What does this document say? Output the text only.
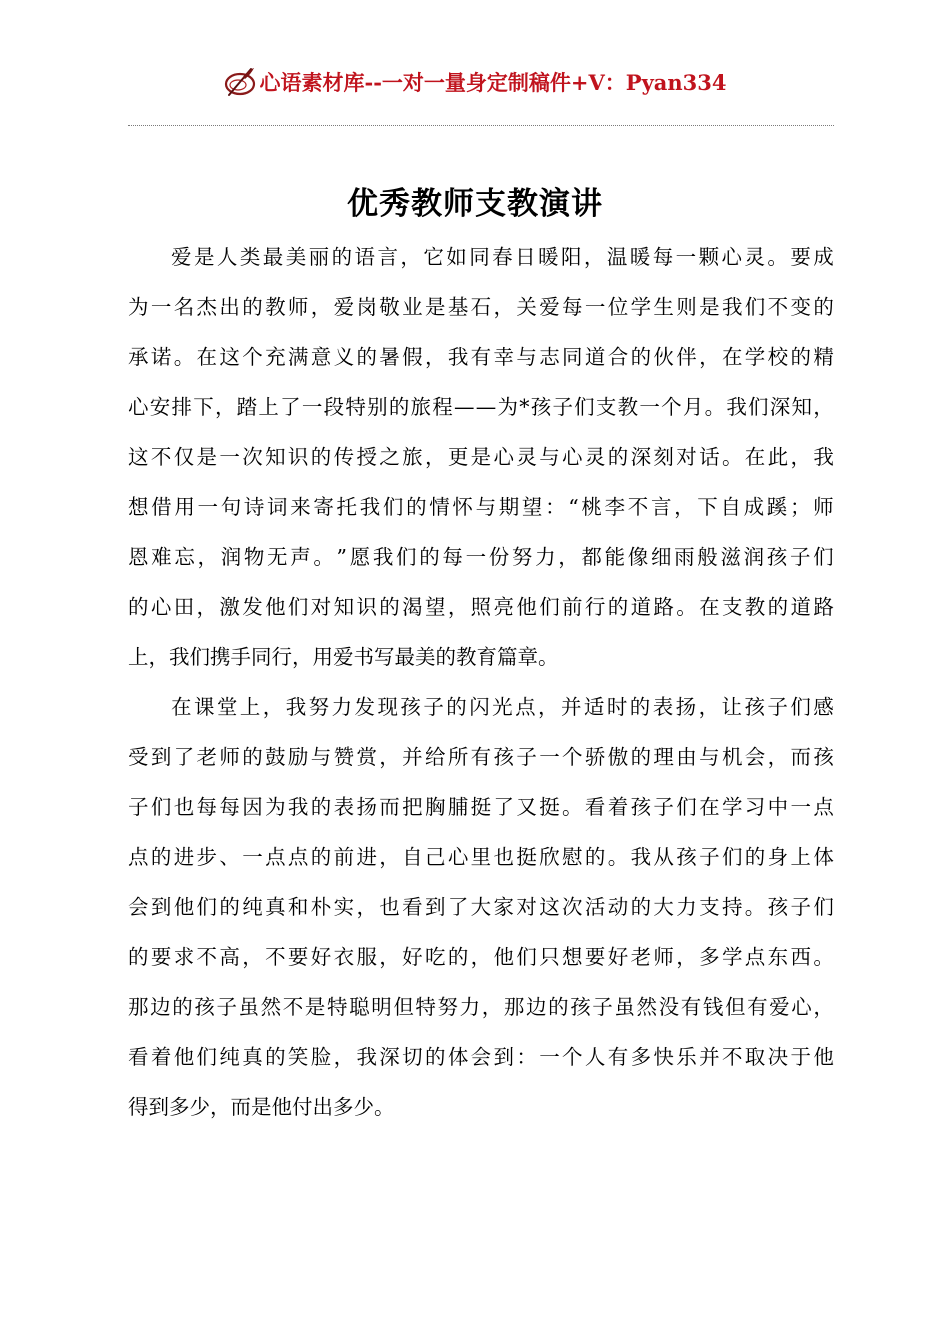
心语素材库 --一对一量身定制稿件+V：Pyan334
优秀教师支教演讲
爱 是 人 类 最 美 丽 的 语 言 ， 它 如 同 春 日 暖 阳 ， 温 暖 每 一 颗 心 灵 。 要 成
为 一 名 杰 出 的 教 师 ， 爱 岗 敬 业 是 基 石 ， 关 爱 每 一 位 学 生 则 是 我 们 不 变 的
承 诺 。 在 这 个 充 满 意 义 的 暑 假 ， 我 有 幸 与 志 同 道 合 的 伙 伴 ， 在 学 校 的 精
心 安 排 下 ， 踏 上 了 一 段 特 别 的 旅 程 — — 为 * 孩 子 们 支 教 一 个 月 。 我 们 深 知 ，
这 不 仅 是 一 次 知 识 的 传 授 之 旅 ， 更 是 心 灵 与 心 灵 的 深 刻 对 话 。 在 此 ， 我
想 借 用 一 句 诗 词 来 寄 托 我 们 的 情 怀 与 期 望 ： “ 桃 李 不 言 ， 下 自 成 蹊 ； 师
恩 难 忘 ， 润 物 无 声 。 ” 愿 我 们 的 每 一 份 努 力 ， 都 能 像 细 雨 般 滋 润 孩 子 们
的 心 田 ， 激 发 他 们 对 知 识 的 渴 望 ， 照 亮 他 们 前 行 的 道 路 。 在 支 教 的 道 路
上，我们携手同行，用爱书写最美的教育篇章。
在 课 堂 上 ， 我 努 力 发 现 孩 子 的 闪 光 点 ， 并 适 时 的 表 扬 ， 让 孩 子 们 感
受 到 了 老 师 的 鼓 励 与 赞 赏 ， 并 给 所 有 孩 子 一 个 骄 傲 的 理 由 与 机 会 ， 而 孩
子 们 也 每 每 因 为 我 的 表 扬 而 把 胸 脯 挺 了 又 挺 。 看 着 孩 子 们 在 学 习 中 一 点
点 的 进 步 、 一 点 点 的 前 进 ， 自 己 心 里 也 挺 欣 慰 的 。 我 从 孩 子 们 的 身 上 体
会 到 他 们 的 纯 真 和 朴 实 ， 也 看 到 了 大 家 对 这 次 活 动 的 大 力 支 持 。 孩 子 们
的 要 求 不 高 ， 不 要 好 衣 服 ， 好 吃 的 ， 他 们 只 想 要 好 老 师 ， 多 学 点 东 西 。
那 边 的 孩 子 虽 然 不 是 特 聪 明 但 特 努 力 ， 那 边 的 孩 子 虽 然 没 有 钱 但 有 爱 心 ，
看 着 他 们 纯 真 的 笑 脸 ， 我 深 切 的 体 会 到 ： 一 个 人 有 多 快 乐 并 不 取 决 于 他
得到多少，而是他付出多少。
